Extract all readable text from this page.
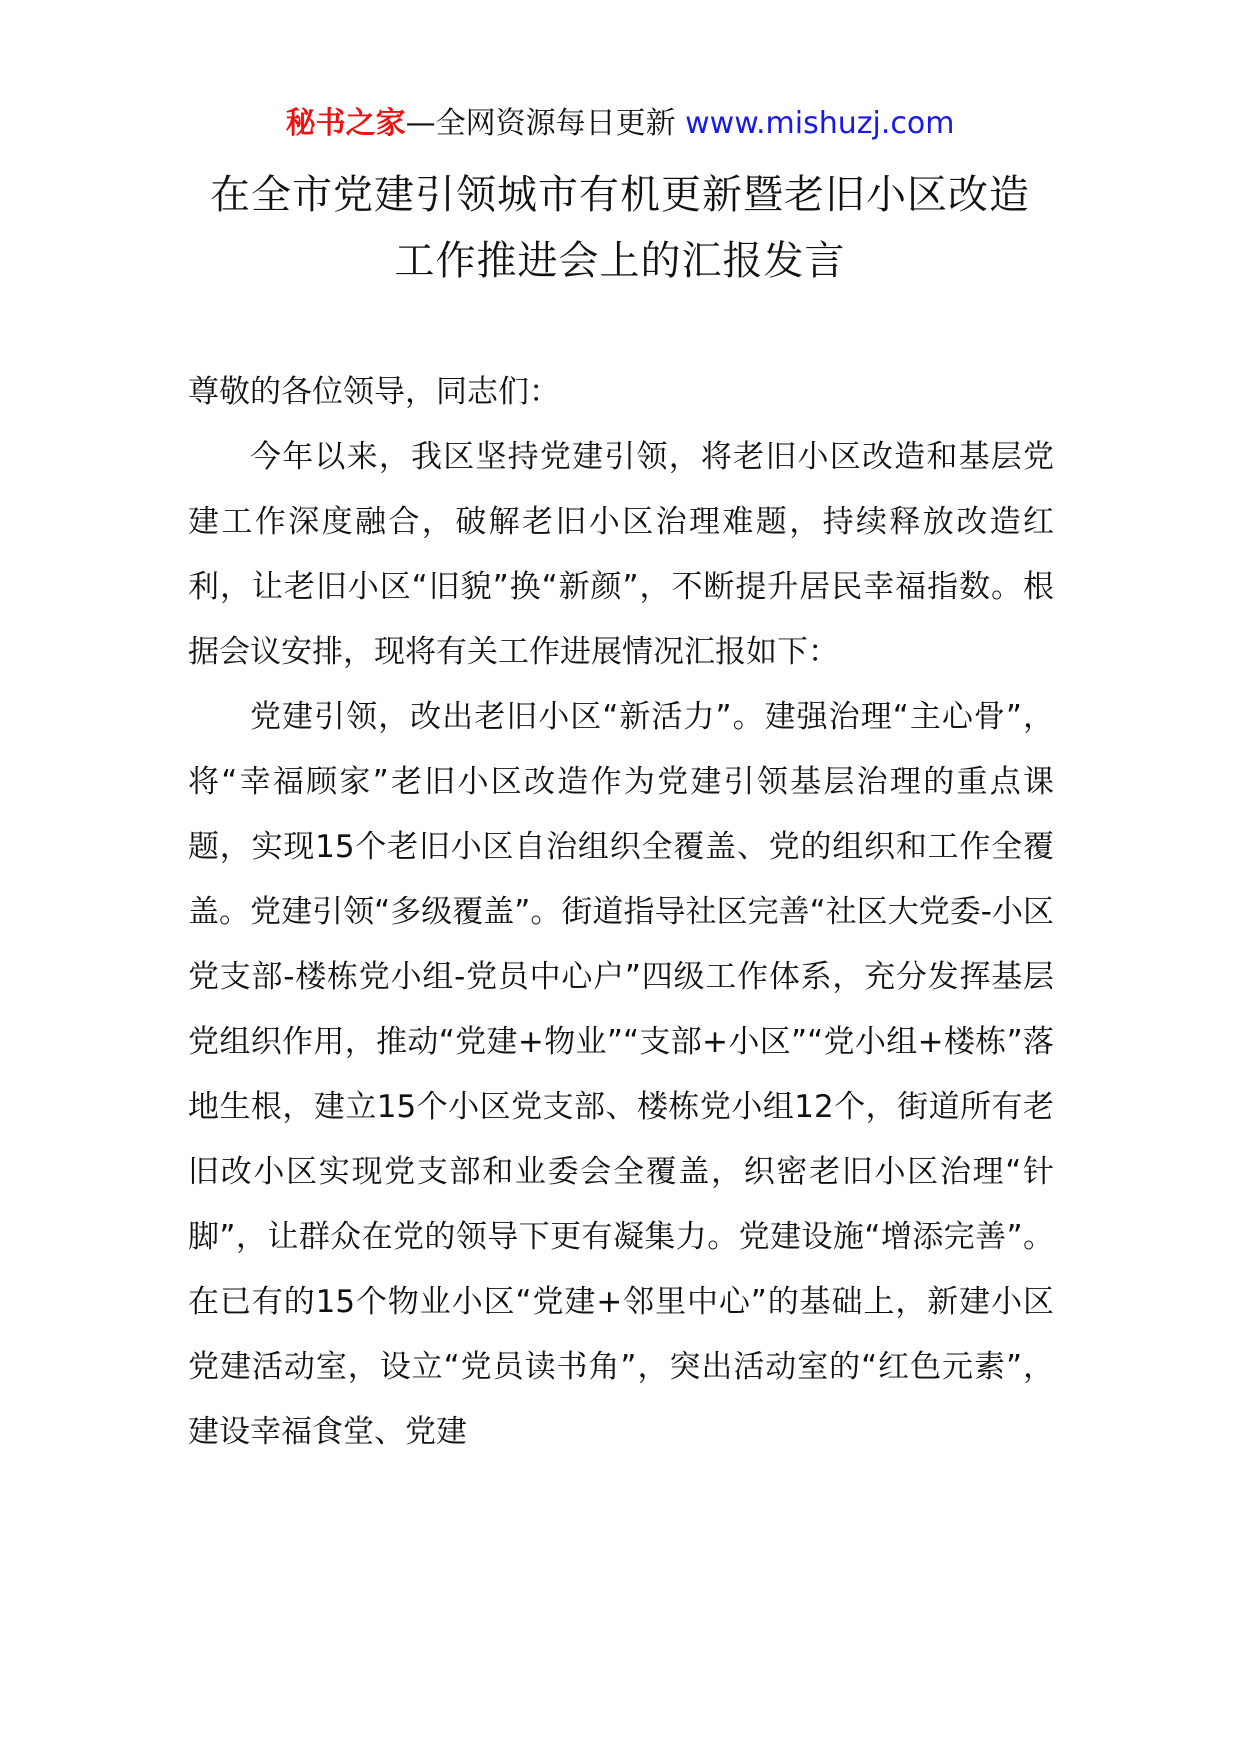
秘书之家—全网资源每日更新 www.mishuzj.com
在全市党建引领城市有机更新暨老旧小区改造
工作推进会上的汇报发言

尊敬的各位领导，同志们：

今年以来，我区坚持党建引领，将老旧小区改造和基层党建工作深度融合，破解老旧小区治理难题，持续释放改造红利，让老旧小区“旧貌”换“新颜”，不断提升居民幸福指数。根据会议安排，现将有关工作进展情况汇报如下：

党建引领，改出老旧小区“新活力”。建强治理“主心骨”，将“幸福顾家”老旧小区改造作为党建引领基层治理的重点课题，实现15个老旧小区自治组织全覆盖、党的组织和工作全覆盖。党建引领“多级覆盖”。街道指导社区完善“社区大党委-小区党支部-楼栋党小组-党员中心户”四级工作体系，充分发挥基层党组织作用，推动“党建+物业”“支部+小区”“党小组+楼栋”落地生根，建立15个小区党支部、楼栋党小组12个，街道所有老旧改小区实现党支部和业委会全覆盖，织密老旧小区治理“针脚”，让群众在党的领导下更有凝集力。党建设施“增添完善”。在已有的15个物业小区“党建+邻里中心”的基础上，新建小区党建活动室，设立“党员读书角”，突出活动室的“红色元素”，建设幸福食堂、党建
